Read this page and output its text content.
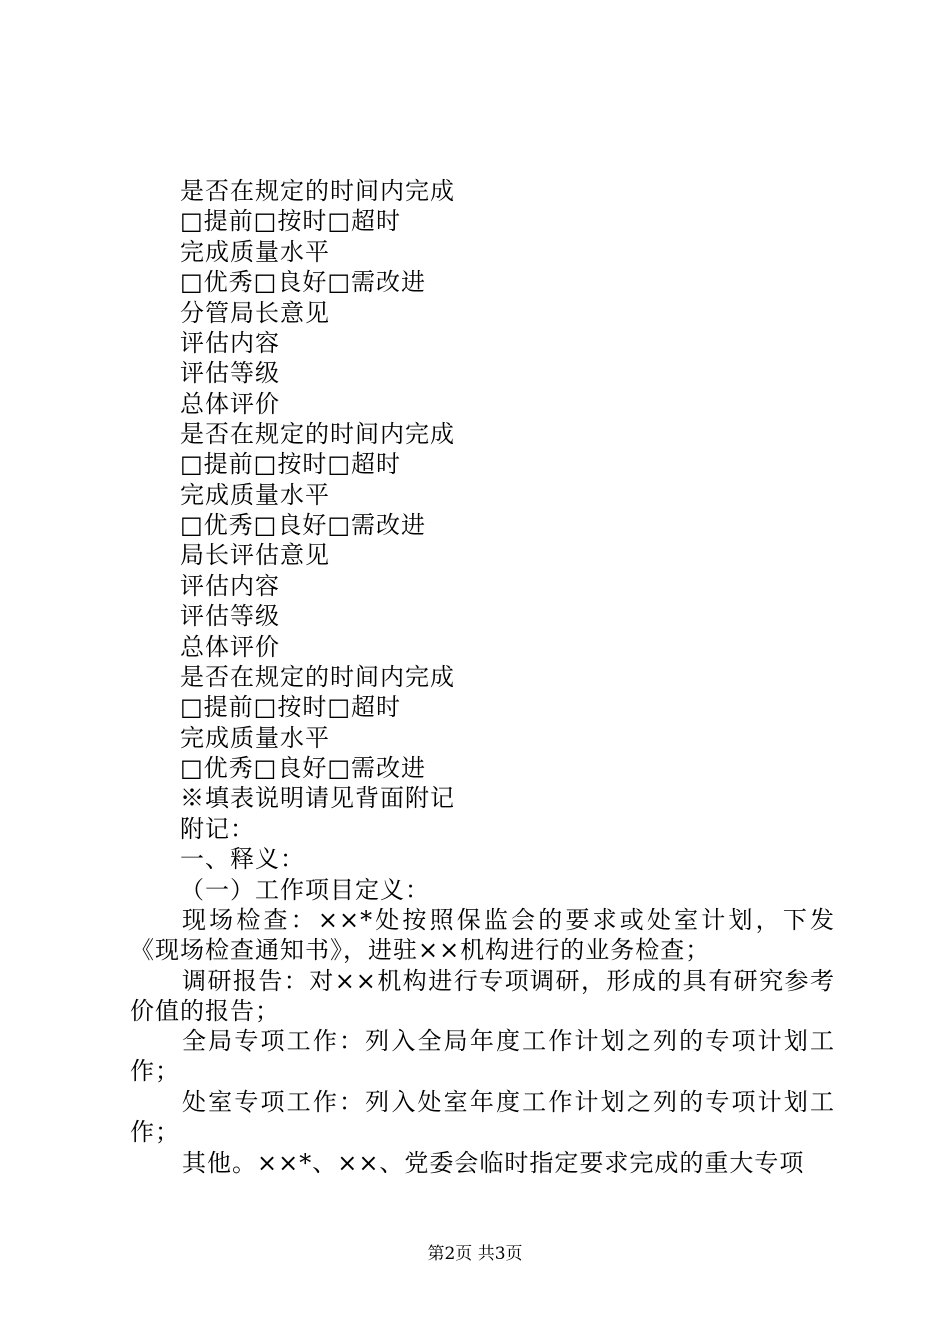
是否在规定的时间内完成
□提前□按时□超时
完成质量水平
□优秀□良好□需改进
分管局长意见
评估内容
评估等级
总体评价
是否在规定的时间内完成
□提前□按时□超时
完成质量水平
□优秀□良好□需改进
局长评估意见
评估内容
评估等级
总体评价
是否在规定的时间内完成
□提前□按时□超时
完成质量水平
□优秀□良好□需改进
※填表说明请见背面附记
附记：
一、释义：
（一）工作项目定义：
现场检查：××*处按照保监会的要求或处室计划，下发《现场检查通知书》，进驻××机构进行的业务检查；
调研报告：对××机构进行专项调研，形成的具有研究参考价值的报告；
全局专项工作：列入全局年度工作计划之列的专项计划工作；
处室专项工作：列入处室年度工作计划之列的专项计划工作；
其他。××*、××、党委会临时指定要求完成的重大专项
第2页 共3页
